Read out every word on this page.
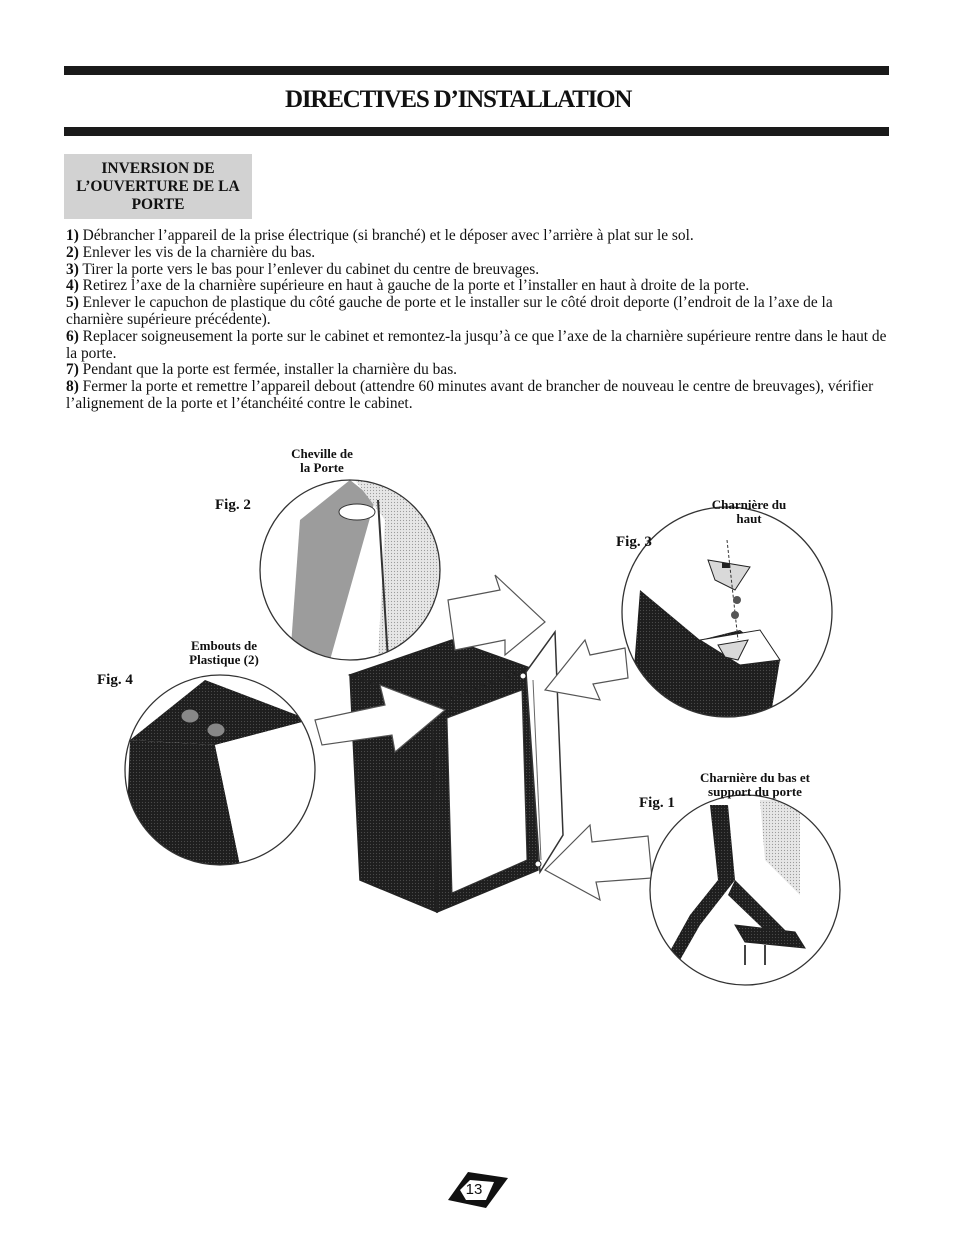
DIRECTIVES D’INSTALLATION
INVERSION DE L’OUVERTURE DE LA PORTE

1) Débrancher l’appareil de la prise électrique (si branché) et le déposer avec l’arrière à plat sur le sol.

2) Enlever les vis de la charnière du bas.

3) Tirer la porte vers le bas pour l’enlever du cabinet du centre de breuvages.

4) Retirez l’axe de la charnière supérieure en haut à gauche de la porte et l’installer en haut à droite de la porte.

5) Enlever le capuchon de plastique du côté gauche de porte et le installer sur le côté droit deporte (l’endroit de la l’axe de la charnière supérieure précédente).

6) Replacer soigneusement la porte sur le cabinet et remontez-la jusqu’à ce que l’axe de la charnière supérieure rentre dans le haut de la porte.

7) Pendant que la porte est fermée, installer la charnière du bas.

8) Fermer la porte et remettre l’appareil debout (attendre 60 minutes avant de brancher de nouveau le centre de breuvages), vérifier l’alignement de la porte et l’étanchéité contre le cabinet.

Cheville de
la Porte
Fig. 2	Charnière du
haut
Fig. 3
Embouts de
Plastique (2)
Fig. 4
Charnière du bas et
support du porte
Fig. 1
13
